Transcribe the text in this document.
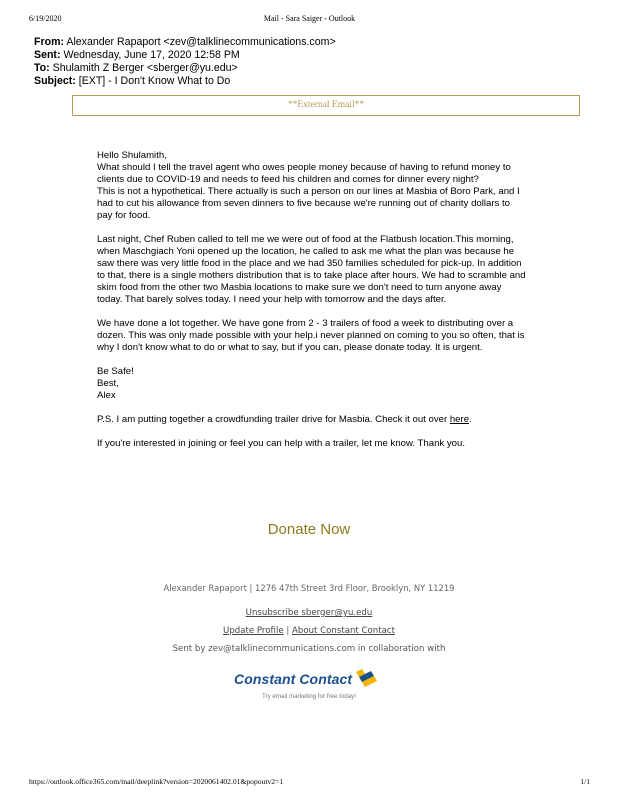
6/19/2020	Mail - Sara Saiger - Outlook
From: Alexander Rapaport <zev@talklinecommunications.com>
Sent: Wednesday, June 17, 2020 12:58 PM
To: Shulamith Z Berger <sberger@yu.edu>
Subject: [EXT] - I Don't Know What to Do
**External Email**

Hello Shulamith,

What should I tell the travel agent who owes people money because of having to refund money to clients due to COVID-19 and needs to feed his children and comes for dinner every night?

This is not a hypothetical. There actually is such a person on our lines at Masbia of Boro Park, and I had to cut his allowance from seven dinners to five because we're running out of charity dollars to pay for food.

Last night, Chef Ruben called to tell me we were out of food at the Flatbush location.This morning, when Maschgiach Yoni opened up the location, he called to ask me what the plan was because he saw there was very little food in the place and we had 350 families scheduled for pick-up. In addition to that, there is a single mothers distribution that is to take place after hours. We had to scramble and skim food from the other two Masbia locations to make sure we don't need to turn anyone away today. That barely solves today. I need your help with tomorrow and the days after.

We have done a lot together. We have gone from 2 - 3 trailers of food a week to distributing over a dozen. This was only made possible with your help.i never planned on coming to you so often, that is why I don't know what to do or what to say, but if you can, please donate today. It is urgent.

Be Safe!
Best,
Alex

P.S. I am putting together a crowdfunding trailer drive for Masbia. Check it out over here.

If you're interested in joining or feel you can help with a trailer, let me know. Thank you.

Donate Now
Alexander Rapaport | 1276 47th Street 3rd Floor, Brooklyn, NY 11219
Unsubscribe sberger@yu.edu
Update Profile | About Constant Contact
Sent by zev@talklinecommunications.com in collaboration with
Constant Contact
Try email marketing for free today!
https://outlook.office365.com/mail/deeplink?version=2020061402.01&popoutv2=1	1/1
